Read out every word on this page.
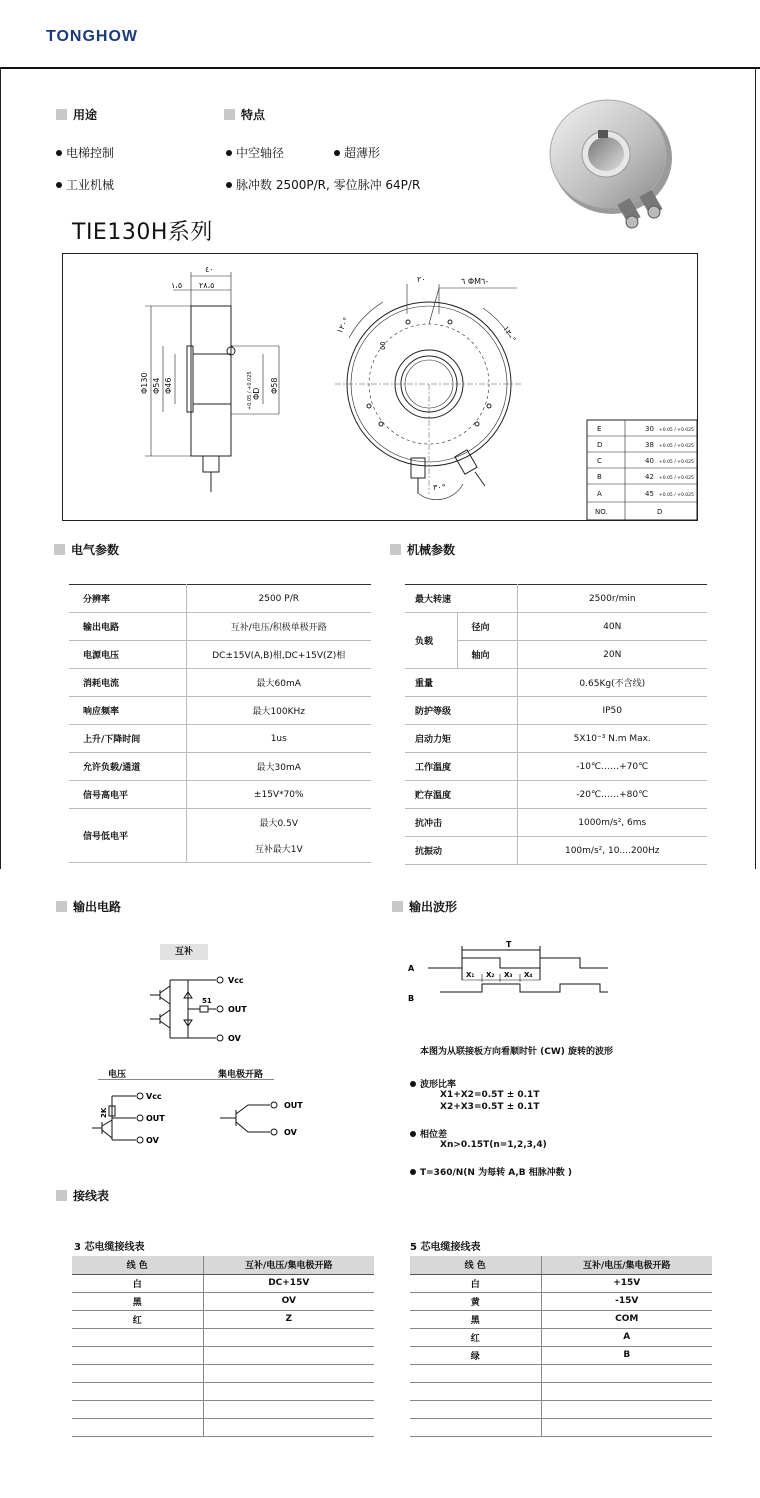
TONGHOW
用途	特点
电梯控制
工业机械
中空轴径	超薄形
脉冲数 2500P/R, 零位脉冲 64P/R
TIE130H系列
٤٠
١،٥ ٢٨،٥
Φ130 Φ54 Φ46	ΦD
+0.05 / +0.025 Φ58
٢٠	٦ ΦM٦-
١٢٠°
١٢٠°
٣٠°
٥٥
E	30 +0.05 / +0.025
D	38 +0.05 / +0.025
C	40 +0.05 / +0.025
B	42 +0.05 / +0.025
A	45 +0.05 / +0.025
NO.	D
电气参数
分辨率	2500 P/R
输出电路	互补/电压/积极单极开路
电源电压	DC±15V(A,B)相,DC+15V(Z)相
消耗电流	最大60mA
响应频率	最大100KHz
上升/下降时间	1us
允许负载/通道	最大30mA
信号高电平	±15V*70%
信号低电平	最大0.5V
	互补最大1V
机械参数
最大转速		2500r/min
负载	径向	40N
	轴向	20N
重量		0.65Kg(不含线)
防护等级		IP50
启动力矩		5X10⁻³ N.m Max.
工作温度		-10℃……+70℃
贮存温度		-20℃……+80℃
抗冲击		1000m/s², 6ms
抗振动		100m/s², 10....200Hz
输出电路
互补
51
Vcc
OUT
OV
电压	集电极开路
2K
Vcc
OUT
OV
OUT
OV
输出波形
T
A
B
X₁ X₂ X₃ X₄
本图为从联接板方向看顺时针 (CW) 旋转的波形
波形比率
X1+X2=0.5T ± 0.1T
X2+X3=0.5T ± 0.1T
相位差
Xn>0.15T(n=1,2,3,4)
T=360/N(N 为每转 A,B 相脉冲数 )
接线表
3 芯电缆接线表	5 芯电缆接线表
线 色	互补/电压/集电极开路
白	DC+15V
黑	OV
红	Z

线 色	互补/电压/集电极开路
白	+15V
黄	-15V
黑	COM
红	A
绿	B
